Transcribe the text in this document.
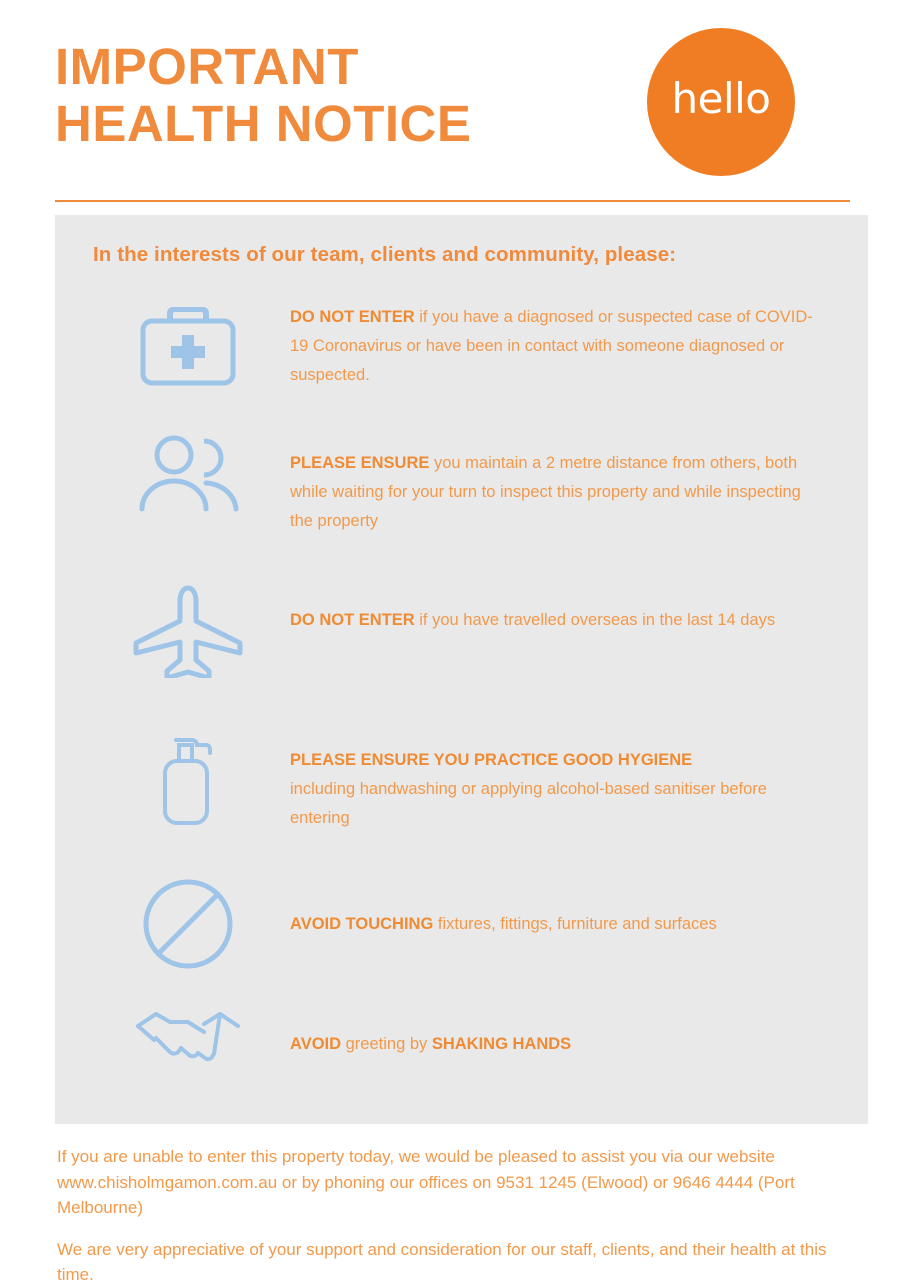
IMPORTANT
HEALTH NOTICE	hello
In the interests of our team, clients and community, please:
DO NOT ENTER if you have a diagnosed or suspected case of COVID-19 Coronavirus or have been in contact with someone diagnosed or suspected.
PLEASE ENSURE you maintain a 2 metre distance from others, both while waiting for your turn to inspect this property and while inspecting the property
DO NOT ENTER if you have travelled overseas in the last 14 days
PLEASE ENSURE YOU PRACTICE GOOD HYGIENE
including handwashing or applying alcohol-based sanitiser before entering
AVOID TOUCHING fixtures, fittings, furniture and surfaces
AVOID greeting by SHAKING HANDS

If you are unable to enter this property today, we would be pleased to assist you via our website www.chisholmgamon.com.au or by phoning our offices on 9531 1245 (Elwood) or 9646 4444 (Port Melbourne)

We are very appreciative of your support and consideration for our staff, clients, and their health at this time.
